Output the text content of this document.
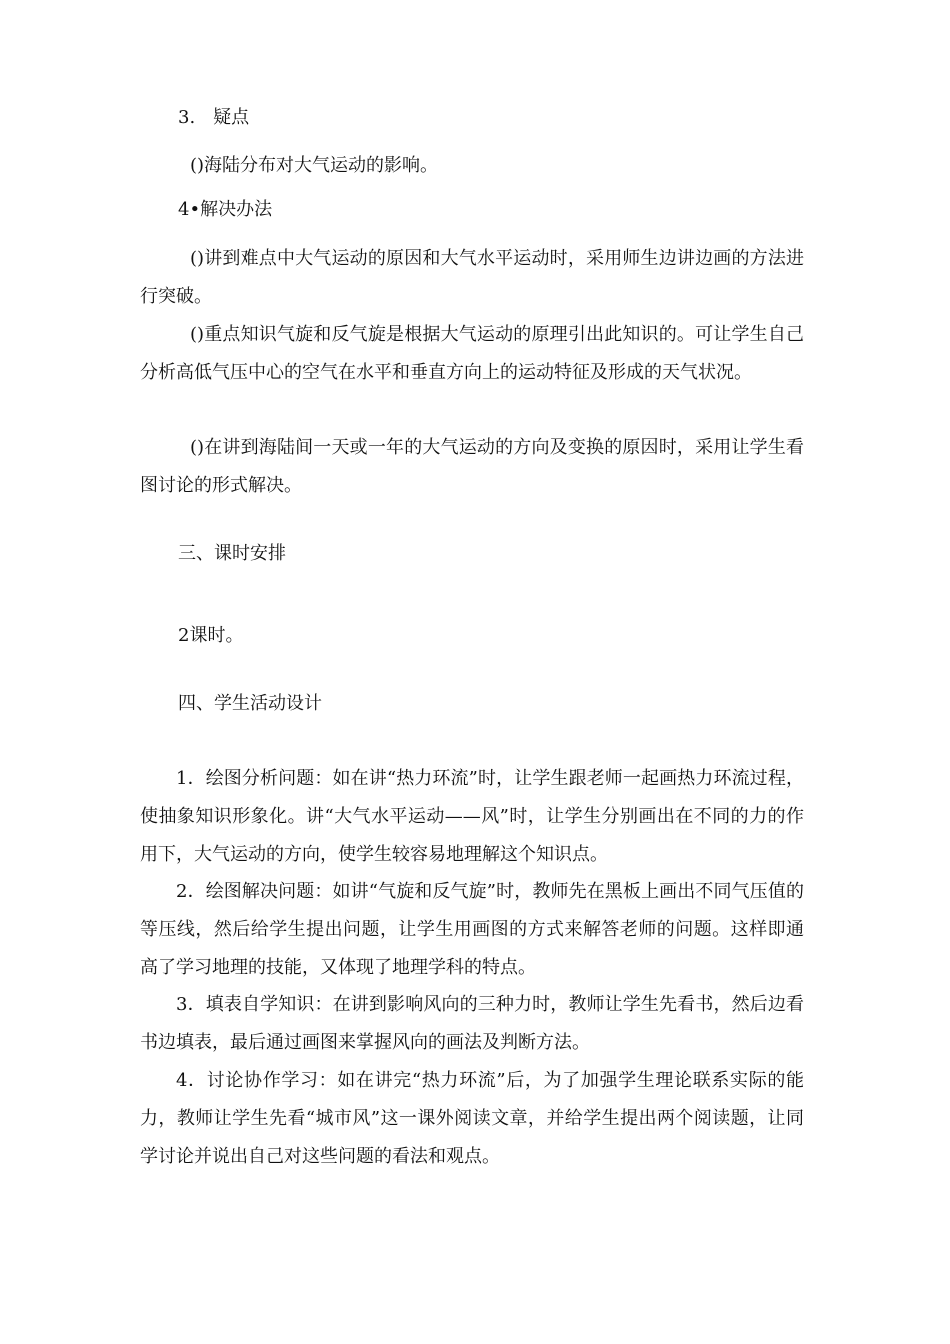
3.　疑点

()海陆分布对大气运动的影响。

4•解决办法

()讲到难点中大气运动的原因和大气水平运动时，采用师生边讲边画的方法进行突破。

()重点知识气旋和反气旋是根据大气运动的原理引出此知识的。可让学生自己分析高低气压中心的空气在水平和垂直方向上的运动特征及形成的天气状况。

()在讲到海陆间一天或一年的大气运动的方向及变换的原因时，采用让学生看图讨论的形式解决。

三、课时安排

2课时。

四、学生活动设计

1．绘图分析问题：如在讲“热力环流”时，让学生跟老师一起画热力环流过程，使抽象知识形象化。讲“大气水平运动——风”时，让学生分别画出在不同的力的作用下，大气运动的方向，使学生较容易地理解这个知识点。

2．绘图解决问题：如讲“气旋和反气旋”时，教师先在黑板上画出不同气压值的等压线，然后给学生提出问题，让学生用画图的方式来解答老师的问题。这样即通高了学习地理的技能，又体现了地理学科的特点。

3．填表自学知识：在讲到影响风向的三种力时，教师让学生先看书，然后边看书边填表，最后通过画图来掌握风向的画法及判断方法。

4．讨论协作学习：如在讲完“热力环流”后，为了加强学生理论联系实际的能力，教师让学生先看“城市风”这一课外阅读文章，并给学生提出两个阅读题，让同学讨论并说出自己对这些问题的看法和观点。
